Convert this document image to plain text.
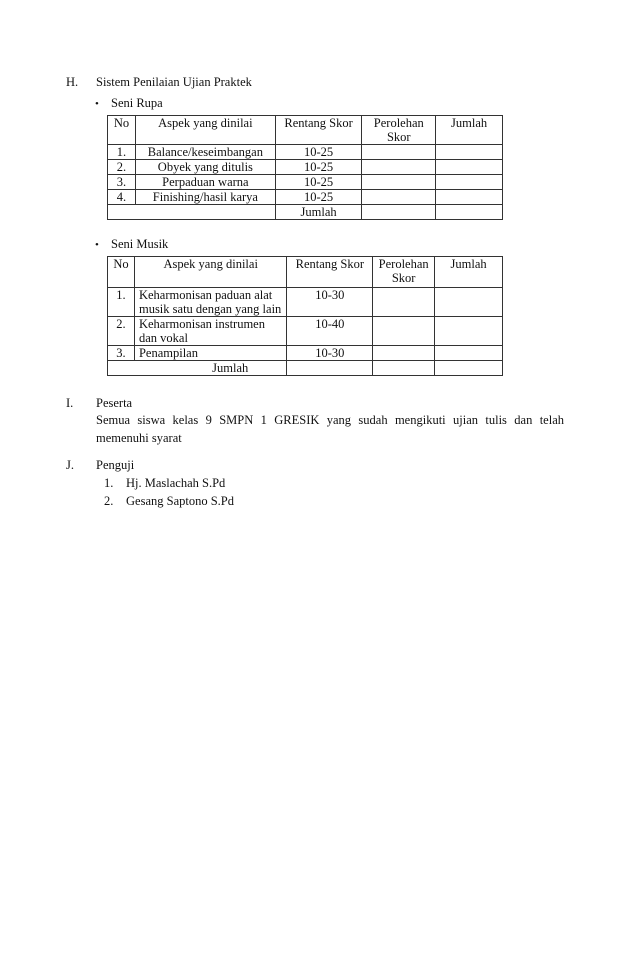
H. Sistem Penilaian Ujian Praktek
• Seni Rupa
No	Aspek yang dinilai	Rentang Skor	Perolehan Skor	Jumlah
1.	Balance/keseimbangan	10-25		
2.	Obyek yang ditulis	10-25		
3.	Perpaduan warna	10-25		
4.	Finishing/hasil karya	10-25		
		Jumlah		
• Seni Musik
No	Aspek yang dinilai	Rentang Skor	Perolehan Skor	Jumlah
1.	Keharmonisan paduan alat musik satu dengan yang lain	10-30		
2.	Keharmonisan instrumen dan vokal	10-40		
3.	Penampilan	10-30		
Jumlah				
I. Peserta
Semua siswa kelas 9 SMPN 1 GRESIK yang sudah mengikuti ujian tulis dan telah
memenuhi syarat
J. Penguji
1. Hj. Maslachah S.Pd
2. Gesang Saptono S.Pd
